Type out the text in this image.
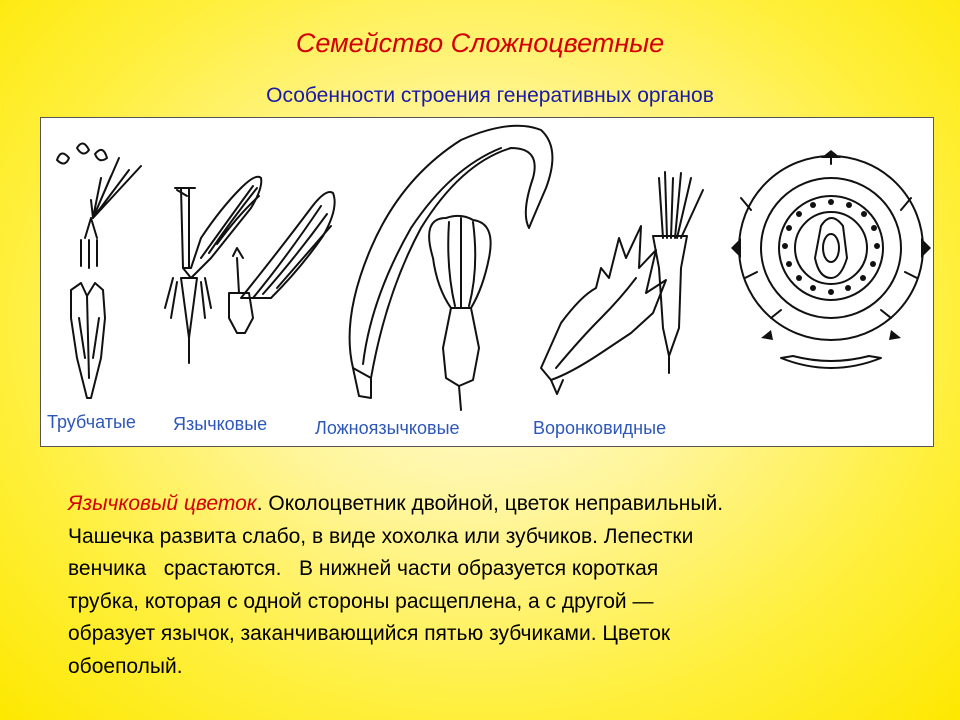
Семейство Сложноцветные
Особенности строения генеративных органов
Трубчатые Язычковые	Ложноязычковые	Воронковидные
Язычковый цветок. Околоцветник двойной, цветок неправильный.
Чашечка развита слабо, в виде хохолка или зубчиков. Лепестки
венчика   срастаются.   В нижней части образуется короткая
трубка, которая с одной стороны расщеплена, а с другой —
образует язычок, заканчивающийся пятью зубчиками. Цветок
обоеполый.
